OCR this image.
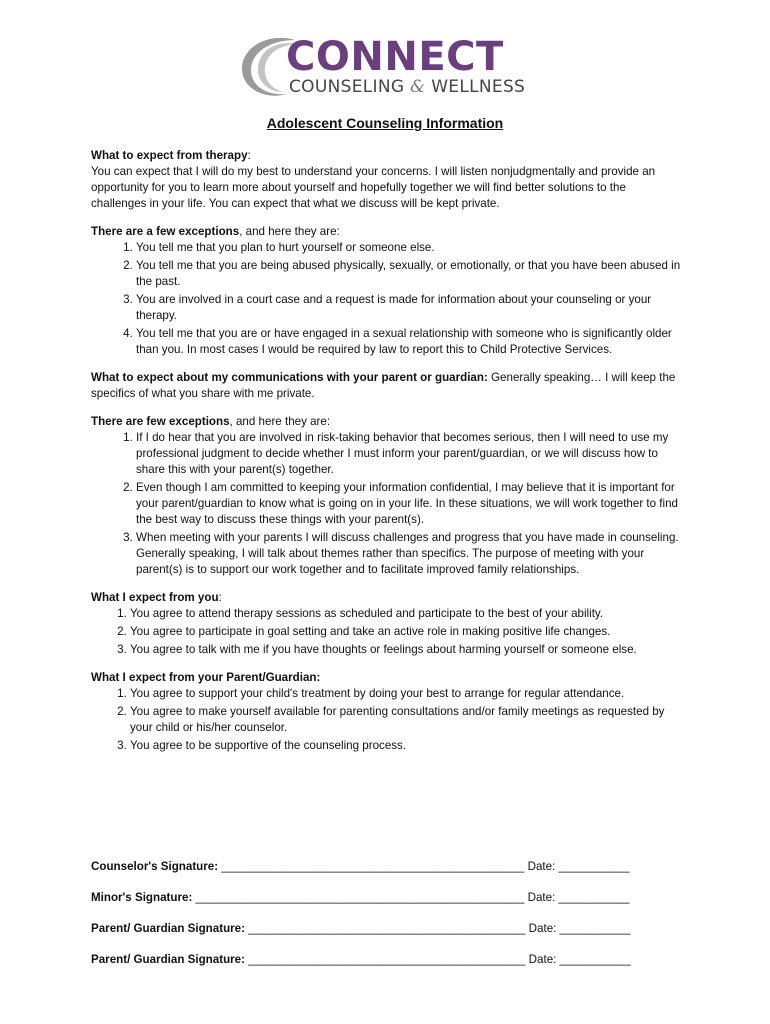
CONNECT
COUNSELING & WELLNESS
Adolescent Counseling Information

What to expect from therapy:

You can expect that I will do my best to understand your concerns. I will listen nonjudgmentally and provide an opportunity for you to learn more about yourself and hopefully together we will find better solutions to the challenges in your life. You can expect that what we discuss will be kept private.

There are a few exceptions, and here they are:

1. You tell me that you plan to hurt yourself or someone else.
2. You tell me that you are being abused physically, sexually, or emotionally, or that you have been abused in the past.
3. You are involved in a court case and a request is made for information about your counseling or your therapy.
4. You tell me that you are or have engaged in a sexual relationship with someone who is significantly older than you. In most cases I would be required by law to report this to Child Protective Services.

What to expect about my communications with your parent or guardian: Generally speaking… I will keep the specifics of what you share with me private.

There are few exceptions, and here they are:

1. If I do hear that you are involved in risk-taking behavior that becomes serious, then I will need to use my professional judgment to decide whether I must inform your parent/guardian, or we will discuss how to share this with your parent(s) together.
2. Even though I am committed to keeping your information confidential, I may believe that it is important for your parent/guardian to know what is going on in your life. In these situations, we will work together to find the best way to discuss these things with your parent(s).
3. When meeting with your parents I will discuss challenges and progress that you have made in counseling. Generally speaking, I will talk about themes rather than specifics. The purpose of meeting with your parent(s) is to support our work together and to facilitate improved family relationships.

What I expect from you:

1. You agree to attend therapy sessions as scheduled and participate to the best of your ability.
2. You agree to participate in goal setting and take an active role in making positive life changes.
3. You agree to talk with me if you have thoughts or feelings about harming yourself or someone else.

What I expect from your Parent/Guardian:

1. You agree to support your child's treatment by doing your best to arrange for regular attendance.
2. You agree to make yourself available for parenting consultations and/or family meetings as requested by your child or his/her counselor.
3. You agree to be supportive of the counseling process.
Counselor's Signature: _______________________________________________ Date: ___________
Minor's Signature: ___________________________________________________ Date: ___________
Parent/ Guardian Signature: ___________________________________________ Date: ___________
Parent/ Guardian Signature: ___________________________________________ Date: ___________
